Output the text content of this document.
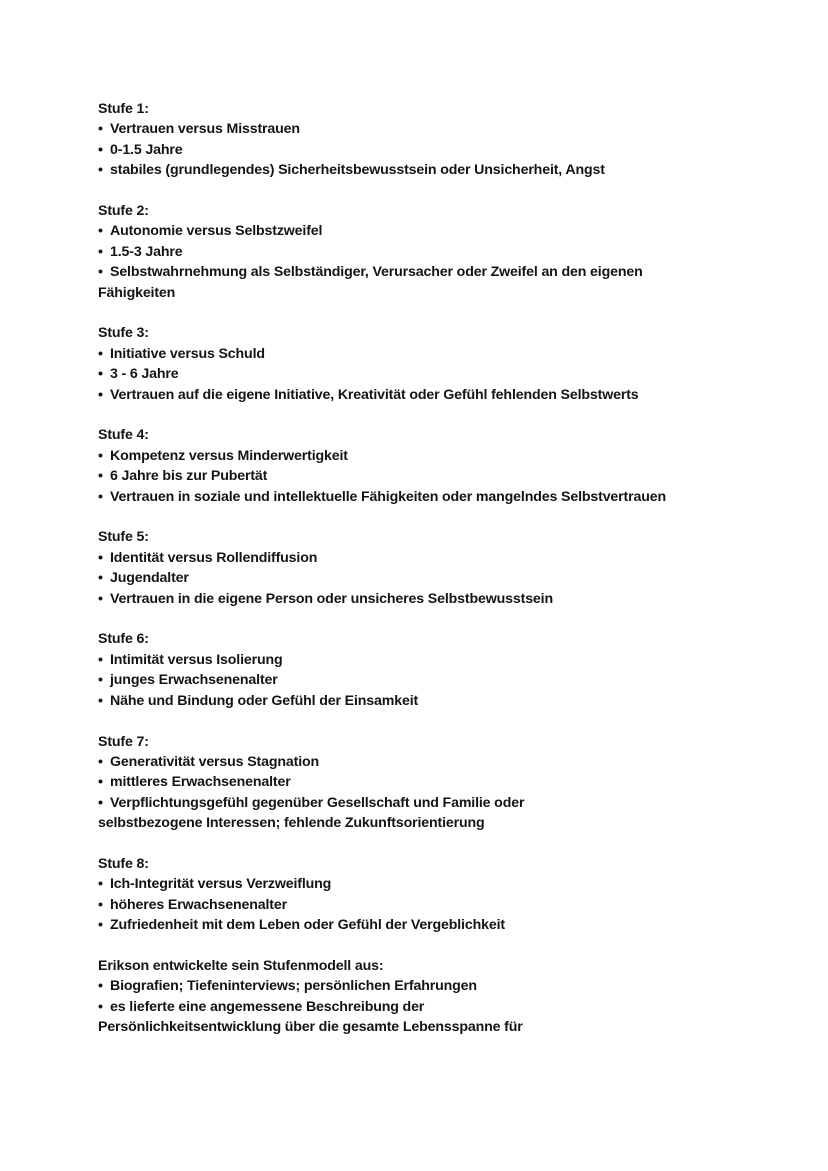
Stufe 1:
• Vertrauen versus Misstrauen
• 0-1.5 Jahre
• stabiles (grundlegendes) Sicherheitsbewusstsein oder Unsicherheit, Angst
Stufe 2:
• Autonomie versus Selbstzweifel
• 1.5-3 Jahre
• Selbstwahrnehmung als Selbständiger, Verursacher oder Zweifel an den eigenen
Fähigkeiten
Stufe 3:
• Initiative versus Schuld
• 3 - 6 Jahre
• Vertrauen auf die eigene Initiative, Kreativität oder Gefühl fehlenden Selbstwerts
Stufe 4:
• Kompetenz versus Minderwertigkeit
• 6 Jahre bis zur Pubertät
• Vertrauen in soziale und intellektuelle Fähigkeiten oder mangelndes Selbstvertrauen
Stufe 5:
• Identität versus Rollendiffusion
• Jugendalter
• Vertrauen in die eigene Person oder unsicheres Selbstbewusstsein
Stufe 6:
• Intimität versus Isolierung
• junges Erwachsenenalter
• Nähe und Bindung oder Gefühl der Einsamkeit
Stufe 7:
• Generativität versus Stagnation
• mittleres Erwachsenenalter
• Verpflichtungsgefühl gegenüber Gesellschaft und Familie oder
selbstbezogene Interessen; fehlende Zukunftsorientierung
Stufe 8:
• Ich-Integrität versus Verzweiflung
• höheres Erwachsenenalter
• Zufriedenheit mit dem Leben oder Gefühl der Vergeblichkeit
Erikson entwickelte sein Stufenmodell aus:
• Biografien; Tiefeninterviews; persönlichen Erfahrungen
• es lieferte eine angemessene Beschreibung der
Persönlichkeitsentwicklung über die gesamte Lebensspanne für
